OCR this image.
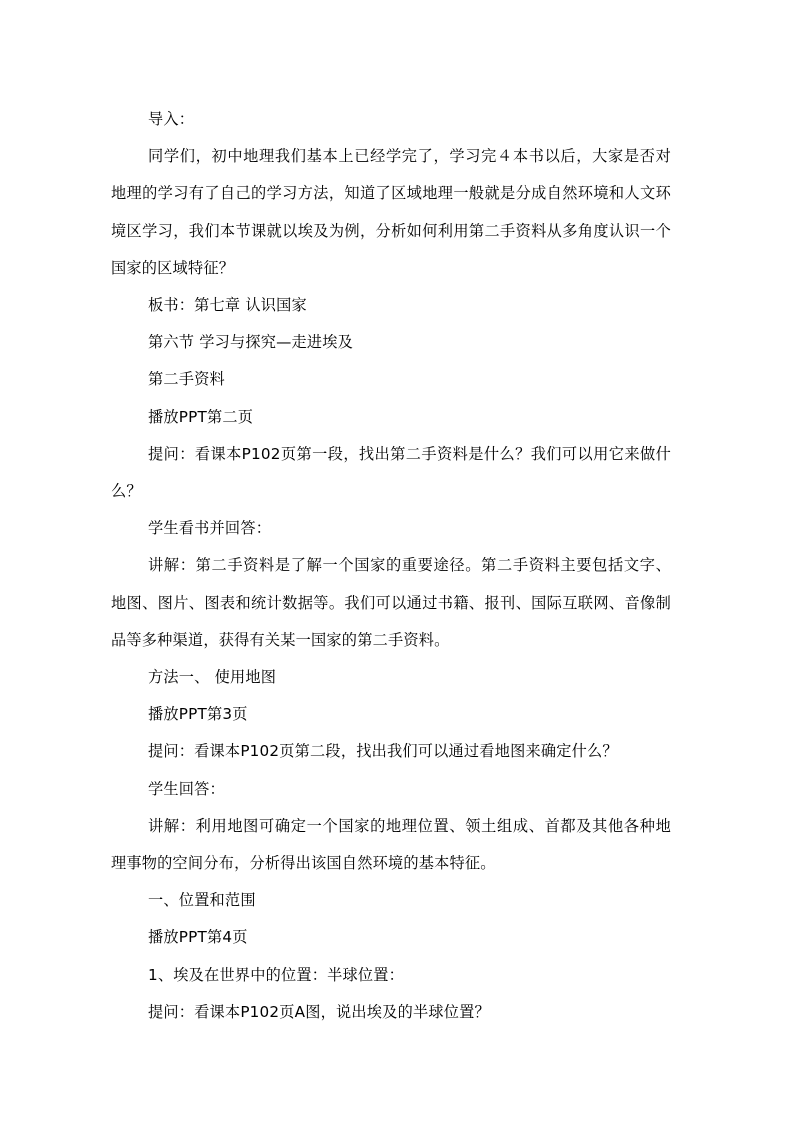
导入：

同学们，初中地理我们基本上已经学完了，学习完４本书以后，大家是否对地理的学习有了自己的学习方法，知道了区域地理一般就是分成自然环境和人文环境区学习，我们本节课就以埃及为例，分析如何利用第二手资料从多角度认识一个国家的区域特征？

板书：第七章 认识国家

第六节 学习与探究—走进埃及

第二手资料

播放PPT第二页

提问：看课本P102页第一段，找出第二手资料是什么？我们可以用它来做什么？

学生看书并回答：

讲解：第二手资料是了解一个国家的重要途径。第二手资料主要包括文字、地图、图片、图表和统计数据等。我们可以通过书籍、报刊、国际互联网、音像制品等多种渠道，获得有关某一国家的第二手资料。

方法一、 使用地图

播放PPT第3页

提问：看课本P102页第二段，找出我们可以通过看地图来确定什么？

学生回答：

讲解：利用地图可确定一个国家的地理位置、领土组成、首都及其他各种地理事物的空间分布，分析得出该国自然环境的基本特征。

一、位置和范围

播放PPT第4页

1、埃及在世界中的位置：半球位置：

提问：看课本P102页A图，说出埃及的半球位置？
